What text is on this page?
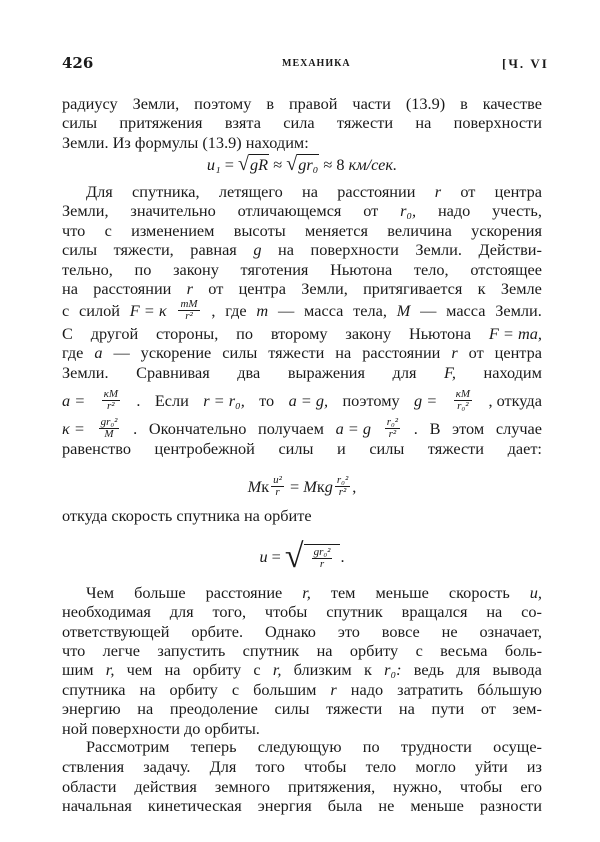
426	МЕХАНИКА	[Ч. VI
радиусу Земли, поэтому в правой части (13.9) в качестве
силы притяжения взята сила тяжести на поверхности
Земли. Из формулы (13.9) находим:
u₁ = √gR ≈ √gr₀ ≈ 8 км/сек.
Для спутника, летящего на расстоянии r от центра
Земли, значительно отличающемся от r₀, надо учесть,
что с изменением высоты меняется величина ускорения
силы тяжести, равная g на поверхности Земли. Действи-
тельно, по закону тяготения Ньютона тело, отстоящее
на расстоянии r от центра Земли, притягивается к Земле
с силой F = κ $\frac{mM}{\text{r²}}$ , где m — масса тела, M — масса Земли.
С другой стороны, по второму закону Ньютона F = ma,
где a — ускорение силы тяжести на расстоянии r от центра
Земли. Сравнивая два выражения для F, находим
$a = \frac{\kappa M}{\text{r²}}$ . Если r = r₀, то a = g, поэтому $g = \frac{\kappa M}{\text{r₀²}}$ , откуда
$\kappa = \frac{\text{gr₀²}}{M}$ . Окончательно получаем a = g $\frac{\text{r₀²}}{\text{r²}}$ . В этом случае
равенство центробежной силы и силы тяжести дает:
M к $\frac{\text{u²}}{r} = M$ к g $\frac{\text{r₀²}}{\text{r²}}$ ,
откуда скорость спутника на орбите
u = √ $\frac{\text{gr₀²}}{r}$ .
Чем больше расстояние r, тем меньше скорость u,
необходимая для того, чтобы спутник вращался на со-
ответствующей орбите. Однако это вовсе не означает,
что легче запустить спутник на орбиту с весьма боль-
шим r, чем на орбиту с r, близким к r₀: ведь для вывода
спутника на орбиту с большим r надо затратить бóльшую
энергию на преодоление силы тяжести на пути от зем-
ной поверхности до орбиты.
Рассмотрим теперь следующую по трудности осуще-
ствления задачу. Для того чтобы тело могло уйти из
области действия земного притяжения, нужно, чтобы его
начальная кинетическая энергия была не меньше разности
